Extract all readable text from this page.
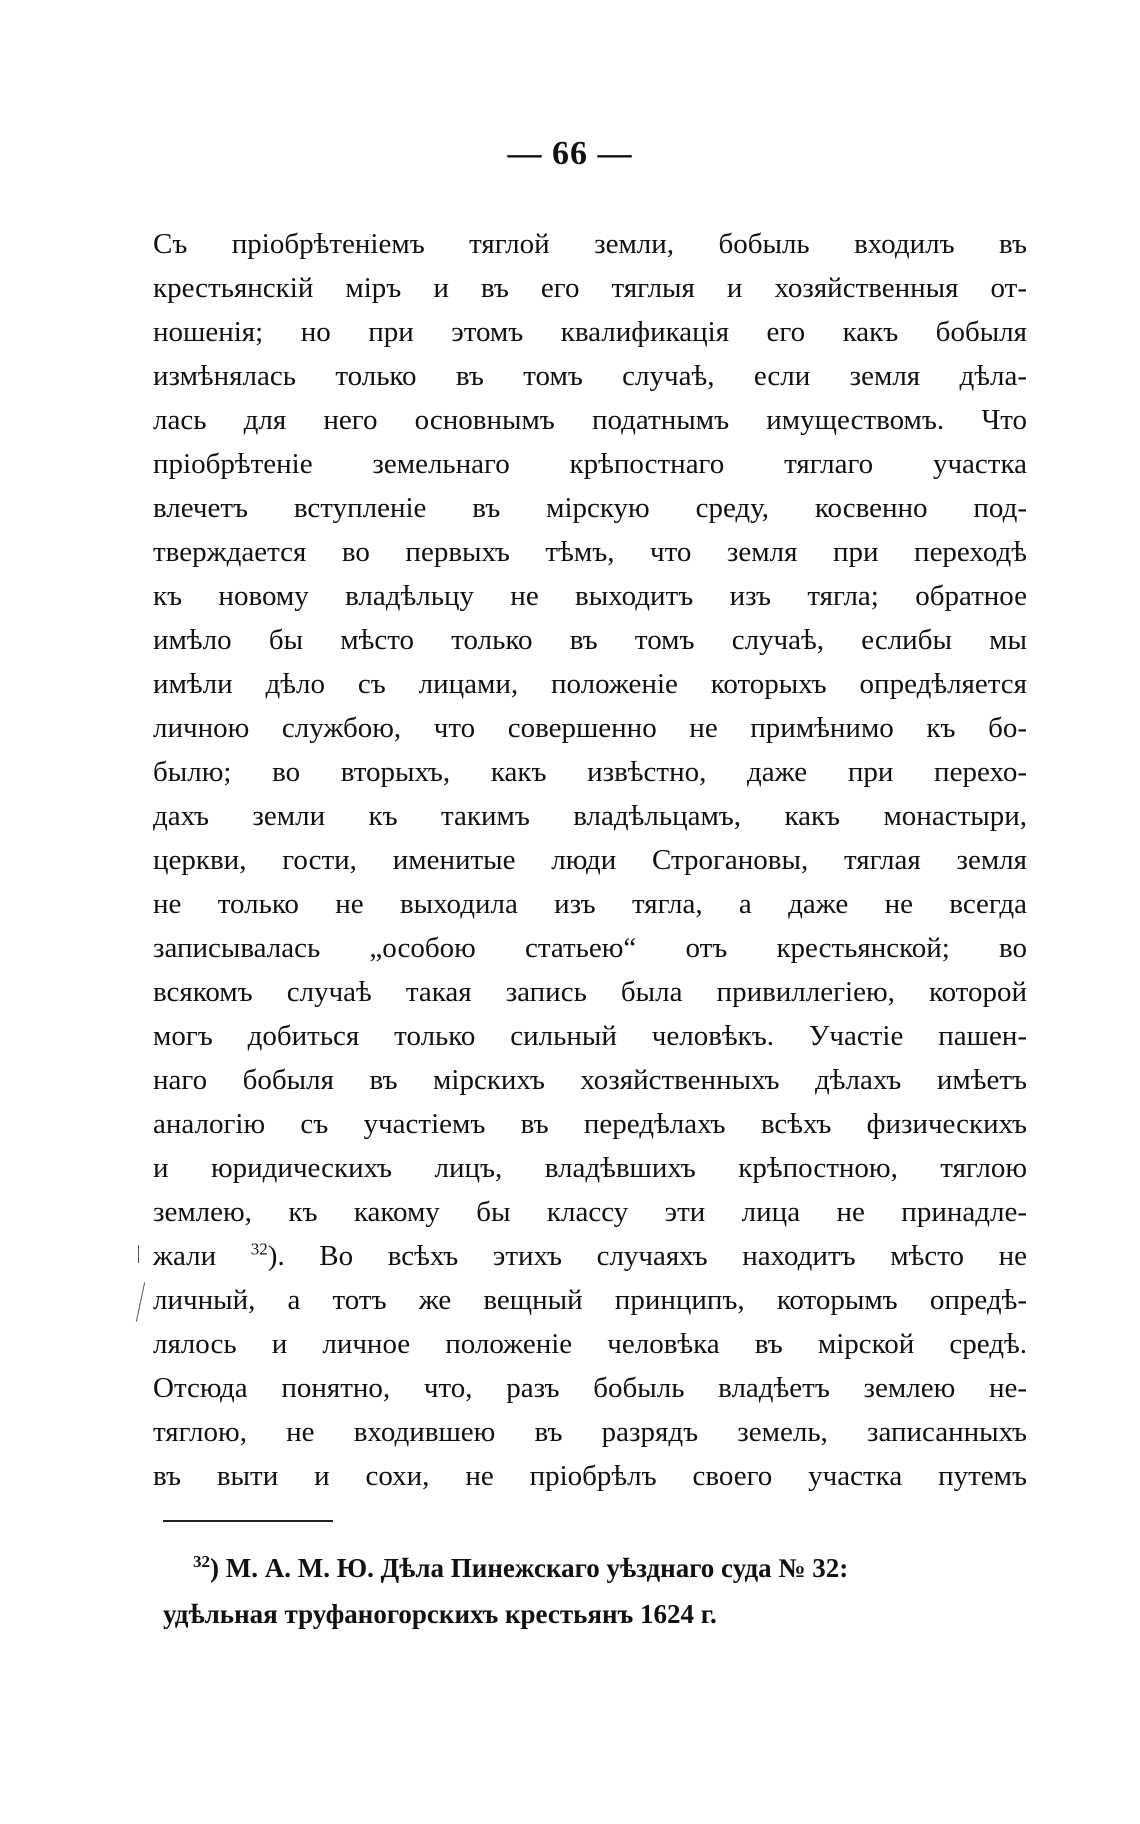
— 66 —
Съ пріобрѣтеніемъ тяглой земли, бобыль входилъ въ
крестьянскій міръ и въ его тяглыя и хозяйственныя от-
ношенія; но при этомъ квалификація его какъ бобыля
измѣнялась только въ томъ случаѣ, если земля дѣла-
лась для него основнымъ податнымъ имуществомъ. Что
пріобрѣтеніе земельнаго крѣпостнаго тяглаго участка
влечетъ вступленіе въ мірскую среду, косвенно под-
тверждается во первыхъ тѣмъ, что земля при переходѣ
къ новому владѣльцу не выходитъ изъ тягла; обратное
имѣло бы мѣсто только въ томъ случаѣ, еслибы мы
имѣли дѣло съ лицами, положеніе которыхъ опредѣляется
личною службою, что совершенно не примѣнимо къ бо-
былю; во вторыхъ, какъ извѣстно, даже при перехо-
дахъ земли къ такимъ владѣльцамъ, какъ монастыри,
церкви, гости, именитые люди Строгановы, тяглая земля
не только не выходила изъ тягла, а даже не всегда
записывалась „особою статьею“ отъ крестьянской; во
всякомъ случаѣ такая запись была привиллегіею, которой
могъ добиться только сильный человѣкъ. Участіе пашен-
наго бобыля въ мірскихъ хозяйственныхъ дѣлахъ имѣетъ
аналогію съ участіемъ въ передѣлахъ всѣхъ физическихъ
и юридическихъ лицъ, владѣвшихъ крѣпостною, тяглою
землею, къ какому бы классу эти лица не принадле-
жали $^{32}$). Во всѣхъ этихъ случаяхъ находитъ мѣсто не
личный, а тотъ же вещный принципъ, которымъ опредѣ-
лялось и личное положеніе человѣка въ мірской средѣ.
Отсюда понятно, что, разъ бобыль владѣетъ землею не-
тяглою, не входившею въ разрядъ земель, записанныхъ
въ выти и сохи, не пріобрѣлъ своего участка путемъ
$^{32}$) М. А. М. Ю. Дѣла Пинежскаго уѣзднаго суда № 32:
удѣльная труфаногорскихъ крестьянъ 1624 г.
